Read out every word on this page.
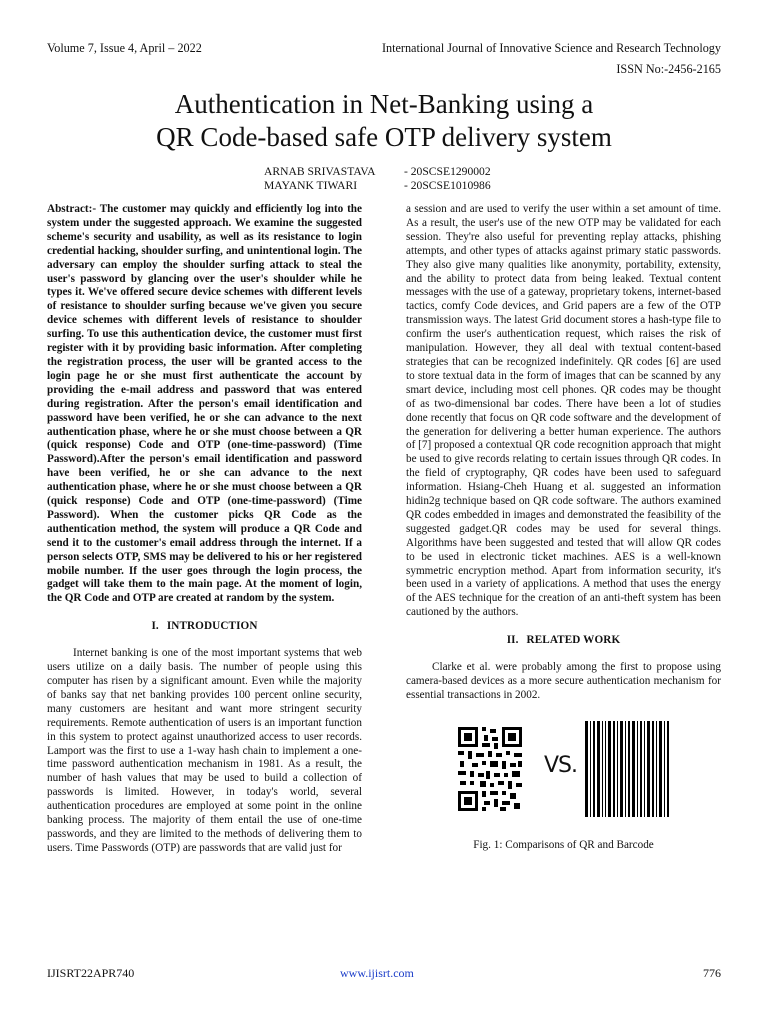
Volume 7, Issue 4, April – 2022	International Journal of Innovative Science and Research Technology
ISSN No:-2456-2165
Authentication in Net-Banking using a
QR Code-based safe OTP delivery system
ARNAB SRIVASTAVA	- 20SCSE1290002
MAYANK TIWARI	- 20SCSE1010986
Abstract:- The customer may quickly and efficiently log into the system under the suggested approach. We examine the suggested scheme's security and usability, as well as its resistance to login credential hacking, shoulder surfing, and unintentional login. The adversary can employ the shoulder surfing attack to steal the user's password by glancing over the user's shoulder while he types it. We've offered secure device schemes with different levels of resistance to shoulder surfing because we've given you secure device schemes with different levels of resistance to shoulder surfing. To use this authentication device, the customer must first register with it by providing basic information. After completing the registration process, the user will be granted access to the login page he or she must first authenticate the account by providing the e-mail address and password that was entered during registration. After the person's email identification and password have been verified, he or she can advance to the next authentication phase, where he or she must choose between a QR (quick response) Code and OTP (one-time-password) (Time Password).After the person's email identification and password have been verified, he or she can advance to the next authentication phase, where he or she must choose between a QR (quick response) Code and OTP (one-time-password) (Time Password). When the customer picks QR Code as the authentication method, the system will produce a QR Code and send it to the customer's email address through the internet. If a person selects OTP, SMS may be delivered to his or her registered mobile number. If the user goes through the login process, the gadget will take them to the main page. At the moment of login, the QR Code and OTP are created at random by the system.
I. INTRODUCTION

Internet banking is one of the most important systems that web users utilize on a daily basis. The number of people using this computer has risen by a significant amount. Even while the majority of banks say that net banking provides 100 percent online security, many customers are hesitant and want more stringent security requirements. Remote authentication of users is an important function in this system to protect against unauthorized access to user records. Lamport was the first to use a 1-way hash chain to implement a one-time password authentication mechanism in 1981. As a result, the number of hash values that may be used to build a collection of passwords is limited. However, in today's world, several authentication procedures are employed at some point in the online banking process. The majority of them entail the use of one-time passwords, and they are limited to the methods of delivering them to users. Time Passwords (OTP) are passwords that are valid just for

a session and are used to verify the user within a set amount of time. As a result, the user's use of the new OTP may be validated for each session. They're also useful for preventing replay attacks, phishing attempts, and other types of attacks against primary static passwords. They also give many qualities like anonymity, portability, extensity, and the ability to protect data from being leaked. Textual content messages with the use of a gateway, proprietary tokens, internet-based tactics, comfy Code devices, and Grid papers are a few of the OTP transmission ways. The latest Grid document stores a hash-type file to confirm the user's authentication request, which raises the risk of manipulation. However, they all deal with textual content-based strategies that can be recognized indefinitely. QR codes [6] are used to store textual data in the form of images that can be scanned by any smart device, including most cell phones. QR codes may be thought of as two-dimensional bar codes. There have been a lot of studies done recently that focus on QR code software and the development of the generation for delivering a better human experience. The authors of [7] proposed a contextual QR code recognition approach that might be used to give records relating to certain issues through QR codes. In the field of cryptography, QR codes have been used to safeguard information. Hsiang-Cheh Huang et al. suggested an information hidin2g technique based on QR code software. The authors examined QR codes embedded in images and demonstrated the feasibility of the suggested gadget.QR codes may be used for several things. Algorithms have been suggested and tested that will allow QR codes to be used in electronic ticket machines. AES is a well-known symmetric encryption method. Apart from information security, it's been used in a variety of applications. A method that uses the energy of the AES technique for the creation of an anti-theft system has been cautioned by the authors.

II. RELATED WORK

Clarke et al. were probably among the first to propose using camera-based devices as a more secure authentication mechanism for essential transactions in 2002.

VS.
Fig. 1: Comparisons of QR and Barcode
IJISRT22APR740	www.ijisrt.com	776
